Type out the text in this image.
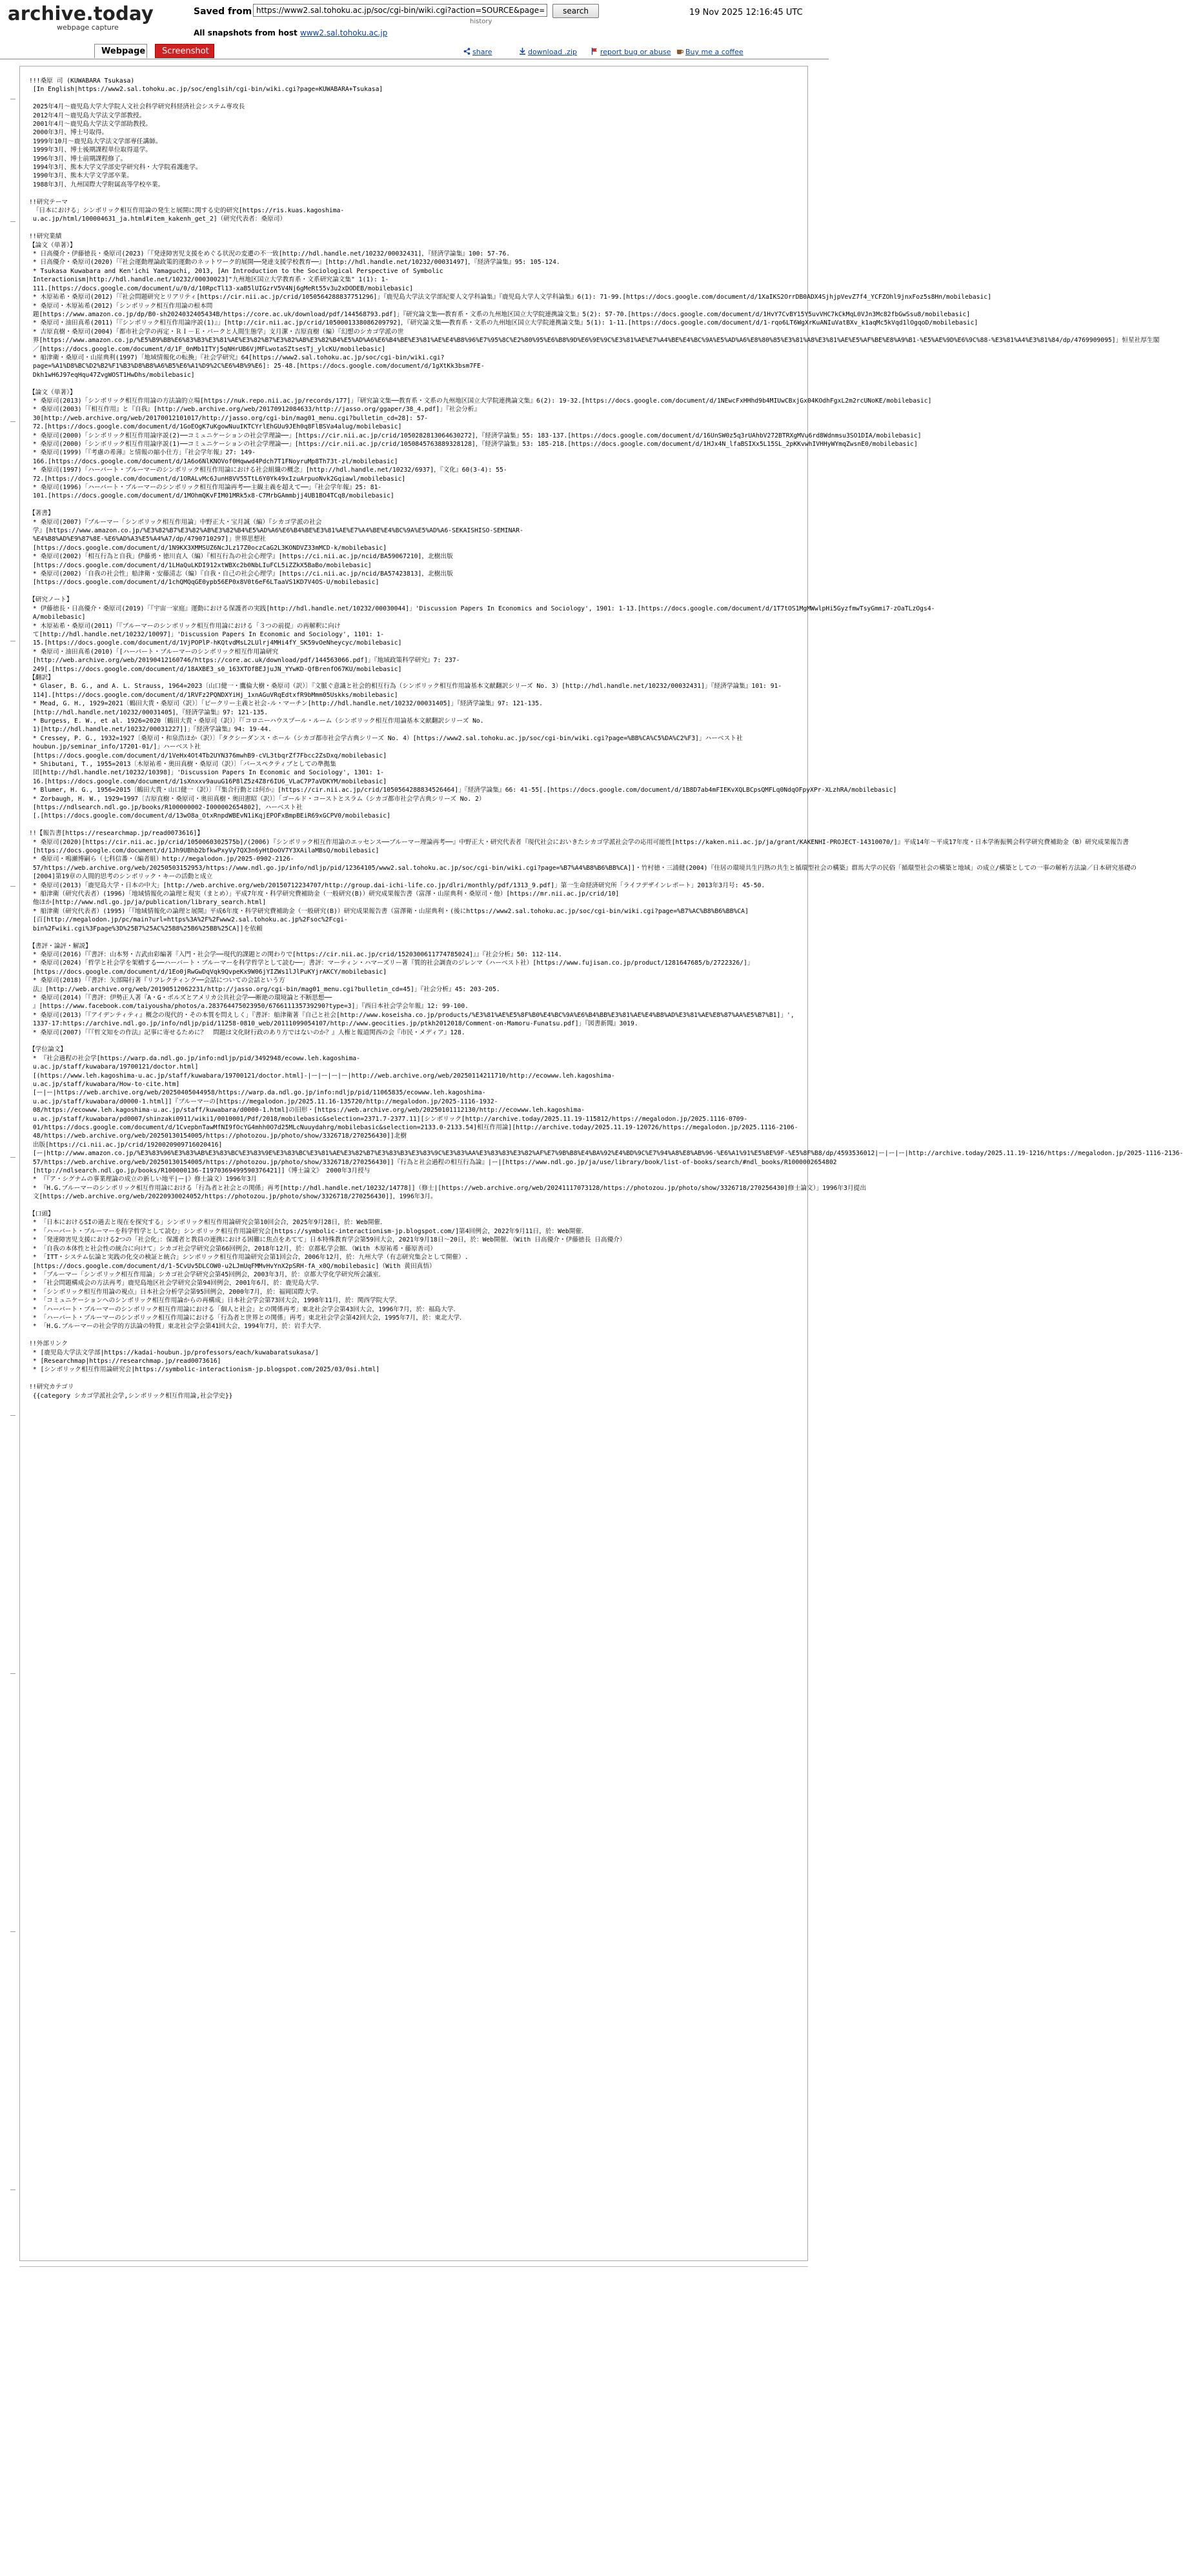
archive.today
webpage capture
Saved from
https://www2.sal.tohoku.ac.jp/soc/cgi-bin/wiki.cgi?action=SOURCE&page=KUWABARA+Tsukasa	search	19 Nov 2025 12:16:45 UTC
history
All snapshots from host www2.sal.tohoku.ac.jp
Webpage	Screenshot	share	download .zip	report bug or abuse	Buy me a coffee
!!!桑原 司 (KUWABARA Tsukasa)
[In English|https://www2.sal.tohoku.ac.jp/soc/englsih/cgi-bin/wiki.cgi?page=KUWABARA+Tsukasa]
2025年4月～鹿児島大学大学院人文社会科学研究科経済社会システム専攻長
2012年4月～鹿児島大学法文学部教授。
2001年4月～鹿児島大学法文学部助教授。
2000年3月、博士号取得。
1999年10月～鹿児島大学法文学部専任講師。
1999年3月、博士後期課程単位取得退学。
1996年3月、博士前期課程修了。
1994年3月、熊本大学文学部史学研究科・大学院看護進学。
1990年3月、熊本大学文学部卒業。
1988年3月、九州国際大学附属高等学校卒業。
!!研究テーマ
「日本における」シンボリック相互作用論の発生と展開に関する史的研究[https://ris.kuas.kagoshima-
u.ac.jp/html/100004631_ja.html#item_kakenh_get_2]（研究代表者：桑原司）
!!研究業績
【論文（単著）】
* 日高優介・伊藤徳長・桑原司(2023)「『発達障害児支援をめぐる状況の変遷の不一致[http://hdl.handle.net/10232/00032431]，『経済学論集』100: 57-76.
* 日高優介・桑原司(2020)「『社会運動理論政策的運動のネットワーク的展開──発達支援学校教育──』[http://hdl.handle.net/10232/00031497]，『経済学論集』95: 105-124.
* Tsukasa Kuwabara and Ken'ichi Yamaguchi, 2013, [An Introduction to the Sociological Perspective of Symbolic
Interactionism|http://hdl.handle.net/10232/00030023]"九州地区国立大学教育系・文系研究論文集" 1(1): 1-
111.[https://docs.google.com/document/u/0/d/10RpcTl13-xaB5lUIGzrV5V4Nj6gMeRt55v3u2xDODEB/mobilebasic]
* 木原祐希・桑原司(2012)「『社会問題研究とリアリティ[https://cir.nii.ac.jp/crid/1050564288837751296]」『鹿児島大学法文学部紀要人文学科論集』『鹿児島大学人文学科論集』6(1): 71-99.[https://docs.google.com/document/d/1XaIKS2OrrDB0ADX4SjhjpVevZ7f4_YCFZOhl9jnxFoz5s8Hn/mobilebasic]
* 桑原司・木原祐希(2012)「シンボリック相互作用論の根本問
題[https://www.amazon.co.jp/dp/B0-sh2024032405434B/https://core.ac.uk/download/pdf/144568793.pdf]」『研究論文集──教育系・文系の九州地区国立大学院連携論文集』5(2): 57-70.[https://docs.google.com/document/d/1HvY7CvBY15Y5uvVHC7kCkMqL0VJn3Mc82fbGwSsu8/mobilebasic]
* 桑原司・油田真希(2011)「『シンボリック相互作用論序説(1)』」[http://cir.nii.ac.jp/crid/1050001338086209792]，『研究論文集──教育系・文系の九州地区国立大学院連携論文集』5(1): 1-11.[https://docs.google.com/document/d/1-rqo6LT6WgXrKuANIuVatBXv_k1aqMc5kVqd1lOgqoD/mobilebasic]
* 吉原直樹・桑原司(2004)「都市社会学の再定・ＲＩ－Ｅ・パークと人間生態学」支月潔・吉原直樹（編）『幻想のシカゴ学派の世
界[https://www.amazon.co.jp/%E5%B9%BB%E6%83%B3%E3%81%AE%E3%82%B7%E3%82%AB%E3%82%B4%E5%AD%A6%E6%B4%BE%E3%81%AE%E4%B8%96%E7%95%8C%E2%80%95%E6%B8%9D%E6%9E%9C%E3%81%AE%E7%A4%BE%E4%BC%9A%E5%AD%A6%E8%80%85%E3%81%A8%E3%81%AE%E5%AF%BE%E8%A9%B1-%E5%AE%9D%E6%9C%88-%E3%81%A4%E3%81%84/dp/4769909095]」恒星社厚生閣
／[https://docs.google.com/document/d/1F_0nMb1ITYj5qNHrUB6VjMFLwotaSZtsesTj_ylcKU/mobilebasic]
* 船津衛・桑原司・山崖典利(1997)「地域情報化の転換」『社会学研究』64[https://www2.sal.tohoku.ac.jp/soc/cgi-bin/wiki.cgi?
page=%A1%D8%BC%D2%B2%F1%B3%D8%B8%A6%B5%E6%A1%D9%2C%E6%4B%9%E6]: 25-48.[https://docs.google.com/document/d/1gXtKk3bsm7FE-
Dkh1wH6J97eqHqu47ZvgWOST1HwDhs/mobilebasic]
【論文（単著）】
* 桑原司(2013)「シンボリック相互作用論の方法論的立場[https://nuk.repo.nii.ac.jp/records/177]」『研究論文集──教育系・文系の九州地区国立大学院連携論文集』6(2): 19-32.[https://docs.google.com/document/d/1NEwcFxHHhd9b4MIUwCBxjGx04KOdhFgxL2m2rcUNoKE/mobilebasic]
* 桑原司(2003)「『相互作用』と『自我』[http://web.archive.org/web/20170912084633/http://jasso.org/ggaper/38_4.pdf]」『社会分析』
30[http://web.archive.org/web/20170012101017/http://jasso.org/cgi-bin/mag01_menu.cgi?bulletin_cd=28]: 57-
72.[https://docs.google.com/document/d/1GoEOgK7uKgowNuuIKTCYrlEhGUu9JEh0q8FlBSVa4alug/mobilebasic]
* 桑原司(2000)「シンボリック相互作用論序説(2)──コミュニケーションの社会学理論──」[https://cir.nii.ac.jp/crid/1050282813064630272]，『経済学論集』55: 183-137.[https://docs.google.com/document/d/16UnSW0z5q3rUAhbV272BTRXgMVu6rd8Wdnmsu3SO1DIA/mobilebasic]
* 桑原司(2000)「シンボリック相互作用論序説(1)──コミュニケーションの社会学理論──」[https://cir.nii.ac.jp/crid/1050845763889328128]，『経済学論集』53: 185-218.[https://docs.google.com/document/d/1HJx4N_lfaBSIXx5L15SL_2pKKvwhIVHHyWYmqZwsnE0/mobilebasic]
* 桑原司(1999)「『考慮の希薄』と情報の縮小仕方」『社会学年報』27: 149-
166.[https://docs.google.com/document/d/1A6o6NlKNOVof0Hqwwd4Pdch7T1FNoyruMp8Th73t-zl/mobilebasic]
* 桑原司(1997)「ハーバート・ブルーマーのシンボリック相互作用論における社会組織の概念」[http://hdl.handle.net/10232/6937]，『文化』60(3-4): 55-
72.[https://docs.google.com/document/d/1ORALvMc6JunH8VV55TtL6Y0Yk49xIzuArpuoNvk2Gqiawl/mobilebasic]
* 桑原司(1996)「ハーバート・ブルーマーのシンボリック相互作用論再考──主観主義を超えて──」『社会学年報』25: 81-
101.[https://docs.google.com/document/d/1MOhmQKvFIM01MRk5x8-C7MrbGAmmbjj4UB1BO4TCq8/mobilebasic]
【著書】
* 桑原司(2007)『ブルーマー「シンボリック相互作用論」中野正大・宝月誠（編）『シカゴ学派の社会
学』[https://www.amazon.co.jp/%E3%82%B7%E3%82%AB%E3%82%B4%E5%AD%A6%E6%B4%BE%E3%81%AE%E7%A4%BE%E4%BC%9A%E5%AD%A6-SEKAISHISO-SEMINAR-
%E4%B8%AD%E9%87%8E-%E6%AD%A3%E5%A4%A7/dp/4790710297]」世界思想社
[https://docs.google.com/document/d/1N9KX3XMMSUZ6NcJLz17Z0oczCaG2L3KONDVZ33mMCD-k/mobilebasic]
* 桑原司(2002)「相互行為と自我」伊藤勇・徳川直人（編）『相互行為の社会心理学』[https://ci.nii.ac.jp/ncid/BA59067210]，北樹出版
[https://docs.google.com/document/d/1LHaQuLKDI912xtWBXc2b0NbLIuFCL5iZZkX5BaBo/mobilebasic]
* 桑原司(2002)「自我の社会性」船津衛・安藤清志（編）『自我・自己の社会心理学』[https://ci.nii.ac.jp/ncid/BA57423813]，北樹出版
[https://docs.google.com/document/d/1chQMQqGE0ypb56EP0x8V0t6eF6LTaaVS1KD7V4OS-U/mobilebasic]
【研究ノート】
* 伊藤徳長・日高優介・桑原司(2019)「『宇宙一家庭』運動における保護者の実践[http://hdl.handle.net/10232/00030044]」'Discussion Papers In Economics and Sociology', 1901: 1-13.[https://docs.google.com/document/d/1T7tOS1MgMWwlpHi5GyzfmwTsyGmmi7-zOaTLzOgs4-
A/mobilebasic]
* 木原祐希・桑原司(2011)「『ブルーマーのシンボリック相互作用論における「３つの前提」の再解釈に向け
て[http://hdl.handle.net/10232/10097]」'Discussion Papers In Economic and Sociology', 1101: 1-
15.[https://docs.google.com/document/d/1VjPOPlP-hKQtvdMsL2LUlrj4MHi4fY_SK59vOeNheycyc/mobilebasic]
* 桑原司・油田真希(2010)「[ハーバート・ブルーマーのシンボリック相互作用論研究
[http://web.archive.org/web/20190412160746/https://core.ac.uk/download/pdf/144563066.pdf]」『地域政策科学研究』7: 237-
249[.[https://docs.google.com/document/d/18AXBE3_s0_163XTOfBEJjuJN_YYwKD-QfBrenfO67KU/mobilebasic]
【翻訳】
* Glaser, B. G., and A. L. Strauss, 1964=2023〔山口健一・鷹倫大樹・桑原司（訳）〕『文脈ぐ意識と社会的相互行為（シンボリック相互作用論基本文献翻訳シリーズ No. 3）[http://hdl.handle.net/10232/00032431]」『経済学論集』101: 91-
114].[https://docs.google.com/document/d/1RVFz2PQNDXYiHj_1xnAGuVRqEdtxfR9bMmm05Uskks/mobilebasic]
* Mead, G. H., 1929=2021〔鶴田大貴・桑原司（訳）〕「ピークリー主義と社会-ル・マーチン[http://hdl.handle.net/10232/00031405]」『経済学論集』97: 121-135.
[http://hdl.handle.net/10232/00031405]，『経済学論集』97: 121-135.
* Burgess, E. W., et al. 1926=2020〔鶴田大貴・桑原司（訳）〕『「コロニーハウスプール・ルーム（シンボリック相互作用論基本文献翻訳シリーズ No.
1)[http://hdl.handle.net/10232/00031227]]」『経済学論集』94: 19-44.
* Cressey, P. G., 1932=1927〔桑原司・和泉浩ほか（訳）〕『タクシーダンス・ホール（シカゴ都市社会学古典シリーズ No. 4）[https://www2.sal.tohoku.ac.jp/soc/cgi-bin/wiki.cgi?page=%BB%CA%C5%DA%C2%F3]」ハーベスト社
houbun.jp/seminar_info/17201-01/]」ハーベスト社
[https://docs.google.com/document/d/1VeHx4Ot4Tb2UYN376mwhB9-cVL3tbqrZf7Fbcc2ZsDxq/mobilebasic]
* Shibutani, T., 1955=2013〔木原祐希・奥田真樹・桑原司（訳）〕「パースペクティブとしての準拠集
団[http://hdl.handle.net/10232/10398]」'Discussion Papers In Economic and Sociology', 1301: 1-
16.[https://docs.google.com/document/d/1sXnxxv9auuG16P8lZ5z4Z8r6IU6_VLaC7P7aVDKYM/mobilebasic]
* Blumer, H. G., 1956=2015〔鶴田大貴・山口健一（訳）〕「『集合行動とは何か』[https://cir.nii.ac.jp/crid/1050564288834526464]」『経済学論集』66: 41-55[.[https://docs.google.com/document/d/1B8D7ab4mFIEKvXQLBCpsQMFLq0NdqOFpyXPr-XLzhRA/mobilebasic]
* Zorbaugh, H. W., 1929=1997〔吉原直樹・桑原司・奥田真樹・奥田憲昭（訳）〕「ゴールド・コーストとスラム（シカゴ都市社会学古典シリーズ No. 2）
[https://ndlsearch.ndl.go.jp/books/R100000002-I000002654802]，ハーベスト社
[.[https://docs.google.com/document/d/13wO8a_OtxRnpdWBEvN1iKqjEPOFxBmpBEiR69xGCPV0/mobilebasic]
!!【報告書[https://researchmap.jp/read0073616]】
* 桑原司(2020)[https://cir.nii.ac.jp/crid/1050060302575b]/(2006)『シンボリック相互作用論のエッセンス──ブルーマー理論再考──』中野正大・研究代表者『現代社会においきたシカゴ学派社会学の応用可能性[https://kaken.nii.ac.jp/ja/grant/KAKENHI-PROJECT-14310070/]』平成14年～平成17年度・日本学術振興会科学研究費補助金（B）研究成果報告書
[https://docs.google.com/document/d/1Jh9UBhb2bfkwPxyVy7QX3n6yHtDoOV7Y3XAilaMBsQ/mobilebasic]
* 桑原司・鳴瀬博嗣ら（七科信番・（編者組）http://megalodon.jp/2025-0902-2126-
57/https://web.archive.org/web/20250503152953/https://www.ndl.go.jp/info/ndljp/pid/12364105/www2.sal.tohoku.ac.jp/soc/cgi-bin/wiki.cgi?page=%B7%A4%B8%B6%BB%CA]]・竹村徳・三浦健(2004)『住居の環境共生円熟の共生と循環型社会の構築』群馬大学の民俗「循環型社会の構築と地域」の成立/構築としての一事の解析方法論／日本研究基礎の
[2004]第19章の人間的思考のシンボリック・キーの活動と成立
* 桑原司(2013)「鹿児島大学・日本の中大」[http://web.archive.org/web/20150712234707/http://group.dai-ichi-life.co.jp/dlri/monthly/pdf/1313_9.pdf]」第一生命経済研究所「ライフデザインレポート」2013年3月号: 45-50.
* 船津衛（研究代表者）(1996)「地域情報化の論理と現実（まとめ）」平成7年度・科学研究費補助金（一般研究(B)）研究成果報告書（富澤・山崖典利・桑原司・他）[https://mr.nii.ac.jp/crid/10]
他ほか[http://www.ndl.go.jp/ja/publication/library_search.html]
* 船津衛（研究代表者）(1995)「『地域情報化の論理と展開』平成6年度・科学研究費補助金（一般研究(B)）研究成果報告書（富澤衛・山崖典利・(後にhttps://www2.sal.tohoku.ac.jp/soc/cgi-bin/wiki.cgi?page=%B7%AC%B8%B6%BB%CA]
[百[http://megalodon.jp/pc/main?url=https%3A%2F%2Fwww2.sal.tohoku.ac.jp%2Fsoc%2Fcgi-
bin%2Fwiki.cgi%3Fpage%3D%25B7%25AC%25B8%25B6%25BB%25CA]]を依頼
【書評・論評・解説】
* 桑原司(2016)『『書評：山本努・吉武由彩編著『入門・社会学──現代的課題との関わりで[https://cir.nii.ac.jp/crid/1520300611774785024]』』『社会分析』50: 112-114.
* 桑原司(2024)「哲学と社会学を架橋する──ハーバート・ブルーマーを科学哲学として読む──」書評：マーティン・ハマーズリー著『質的社会調査のジレンマ（ハーベスト社）[https://www.fujisan.co.jp/product/1281647685/b/2722326/]」
[https://docs.google.com/document/d/1Eo0jRwGwDqVqk9QvpeKx9W06jYIZWs1lJlPuKYjrAKCY/mobilebasic]
* 桑原司(2018)「『書評：矢部陽行著『リフレクティング──会話についての会話という方
法』[http://web.archive.org/web/20190512062231/http://jasso.org/cgi-bin/mag01_menu.cgi?bulletin_cd=45]」『社会分析』45: 203-205.
* 桑原司(2014)「『書評：伊勢正人著『A・G・ポルズとアメリカ公共社会学──断絶の環境論と不断思想──
』[https://www.facebook.com/taiyousha/photos/a.283764475023950/676611135739290?type=3]」『西日本社会学会年報』12: 99-100.
* 桑原司(2013)「『アイデンティティ』概念の現代的・その本質を問えしく」『書評：船津衛著『自己と社会[http://www.koseisha.co.jp/products/%E3%81%AE%E5%8F%B0%E4%BC%9A%E6%B4%BB%E3%81%AE%E4%B8%AD%E3%81%AE%E8%87%AA%E5%B7%B1]」',
1337-17:https://archive.ndl.go.jp/info/ndljp/pid/11258-0810_web/20111099054107/http://www.geocities.jp/ptkh2012018/Comment-on-Mamoru-Funatsu.pdf]」『図書新聞』3019.
* 桑原司(2007)「『『哲文知をの作法』記事に寄せるために？　問題は文化財行政のあり方ではないのか？』人権と報道関西の会『市民・メディア』128.
【学位論文】
* 『社会過程の社会学[https://warp.da.ndl.go.jp/info:ndljp/pid/3492948/ecoww.leh.kagoshima-
u.ac.jp/staff/kuwabara/19700121/doctor.html]
[(https://www.leh.kagoshima-u.ac.jp/staff/kuwabara/19700121/doctor.html]-|ー|ー|ー|ー|http://web.archive.org/web/20250114211710/http://ecowww.leh.kagoshima-
u.ac.jp/staff/kuwabara/How-to-cite.htm]
[ー|ー|https://web.archive.org/web/20250405044958/https://warp.da.ndl.go.jp/info:ndljp/pid/11065835/ecowww.leh.kagoshima-
u.ac.jp/staff/kuwabara/d0000-1.html]]『ブルーマーの[https://megalodon.jp/2025.11.16-135720/http://megalodon.jp/2025-1116-1932-
08/https://ecowww.leh.kagoshima-u.ac.jp/staff/kuwabara/d0000-1.html]の旧形・[https://web.archive.org/web/20250101112130/http://ecowww.leh.kagoshima-
u.ac.jp/staff/kuwabara/pd0007/shinzaki0911/wiki1/0010001/Pdf/2018/mobilebasic&selection=2371.7-2377.11][シンボリック[http://archive.today/2025.11.19-115812/https://megalodon.jp/2025.1116-0709-
01/https://docs.google.com/document/d/1CvepbnTawMfNI9fOcYG4mhh0O7d25MLcNuuydahrg/mobilebasic&selection=2133.0-2133.54]相互作用論][http://archive.today/2025.11.19-120726/https://megalodon.jp/2025.1116-2106-
48/https://web.archive.org/web/20250130154005/https://photozou.jp/photo/show/3326718/270256430]]北樹
出版[https://ci.nii.ac.jp/crid/1920020909716020416]
[ー|http://www.amazon.co.jp/%E3%83%96%E3%83%AB%E3%83%BC%E3%83%9E%E3%83%BC%E3%81%AE%E3%82%B7%E3%83%B3%E3%83%9C%E3%83%AA%E3%83%83%E3%82%AF%E7%9B%B8%E4%BA%92%E4%BD%9C%E7%94%A8%E8%AB%96-%E6%A1%91%E5%8E%9F-%E5%8F%B8/dp/4593536012|ー|ー|ー|http://archive.today/2025.11.19-1216/https://megalodon.jp/2025-1116-2136-
57/https://web.archive.org/web/20250130154005/https://photozou.jp/photo/show/3326718/270256430]]『行為と社会過程の相互行為論』|ー|[https://www.ndl.go.jp/ja/use/library/book/list-of-books/search/#ndl_books/R1000002654802
[http://ndlsearch.ndl.go.jp/books/R100000136-I1970369499590376421]]《博士論文》 2000年3月授与
* 『『ア・シグナムの事業理論の成立の新しい地平|ー|》修士論文）1996年3月
* 『H.G.ブルーマーのシンボリック相互作用論における「行為者と社会との関係」再考[http://hdl.handle.net/10232/14778]]（修士|[https://web.archive.org/web/20241117073128/https://photozou.jp/photo/show/3326718/270256430]修士論文）」1996年3月提出
文[https://web.archive.org/web/20220930024052/https://photozou.jp/photo/show/3326718/270256430]]，1996年3月。
【口頭】
* 「日本におけるSIの過去と現在を探究する」シンボリック相互作用論研究会第10回会合，2025年9月28日，於：Web開催．
* 「ハーバート・ブルーマーを科学哲学として読む」シンボリック相互作用論研究会[https://symbolic-interactionism-jp.blogspot.com/]第4回例会，2022年9月11日，於：Web開催．
* 「発達障害児支援における2つの「社会化」：保護者と教員の連携における困難に焦点をあてて」日本特殊教育学会第59回大会，2021年9月18日〜20日，於：Web開催．（With 日高優介・伊藤徳長 日高優介）
* 「自我の本体性と社会性の統合に向けて」シカゴ社会学研究会第66回例会，2018年12月，於：京都私学会館．（With 木原祐希・藤原善司）
* 「ITT・システム伝論と実践の化交の検証と統合」シンボリック相互作用論研究会第1回会合，2006年12月，於：九州大学（有志研究集会として開催）.
[https://docs.google.com/document/d/1-5CvUv5DLCOW0-u2LJmUqFMMvHvYnX2pSRH-fA_x0Q/mobilebasic]（With 黄田真悟）
* 「ブルーマー「シンボリック相互作用論」シカゴ社会学研究会第45回例会，2003年3月，於：京都大学化学研究所会議室．
* 「社会問題構成会の方法再考」鹿児島地区社会学研究会第94回例会，2001年6月，於：鹿児島大学．
* 「シンボリック相互作用論の視点」日本社会分析学会第95回例会，2000年7月，於：福岡国際大学．
* 「コミュニケーションへのシンボリック相互作用論からの再構成」日本社会学会第73回大会，1998年11月，於：関西学院大学．
* 「ハーバート・ブルーマーのシンボリック相互作用論における「個人と社会」との関係再考」東北社会学会第43回大会，1996年7月，於：福島大学．
* 「ハーバート・ブルーマーのシンボリック相互作用論における「行為者と世界との関係」再考」東北社会学会第42回大会，1995年7月，於：東北大学．
* 「H.G.ブルーマーの社会学的方法論の特質」東北社会学会第41回大会，1994年7月，於：岩手大学．
!!外部リンク
* [鹿児島大学法文学部|https://kadai-houbun.jp/professors/each/kuwabaratsukasa/]
* [Researchmap|https://researchmap.jp/read0073616]
* [シンボリック相互作用論研究会|https://symbolic-interactionism-jp.blogspot.com/2025/03/0si.html]
!!研究カテゴリ
{{category シカゴ学派社会学,シンボリック相互作用論,社会学史}}
